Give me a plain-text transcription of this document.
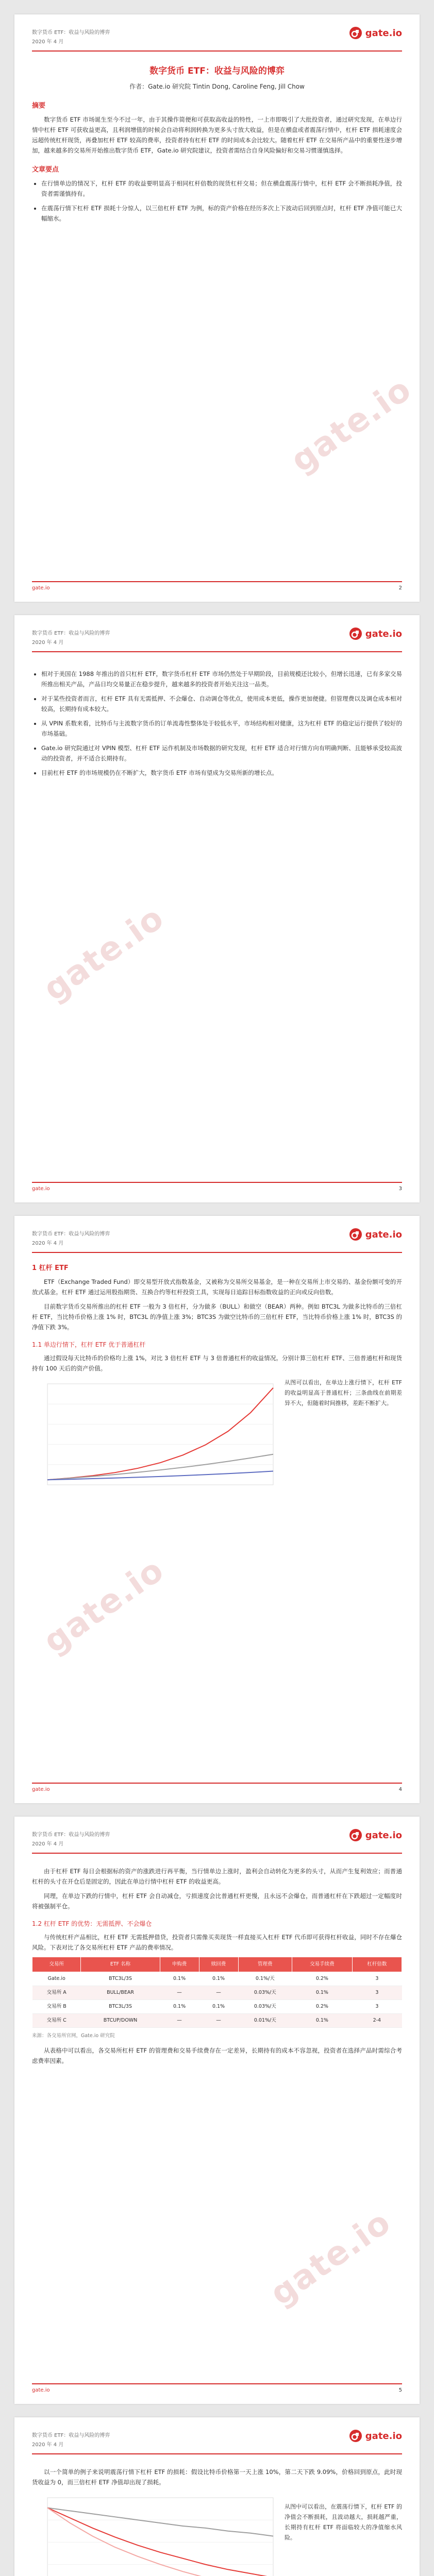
gate.io
数字货币 ETF：收益与风险的博弈
2020 年 4 月
gate.io
数字货币 ETF：收益与风险的博弈
作者：Gate.io 研究院 Tintin Dong, Caroline Feng, Jill Chow
摘要

数字货币 ETF 市场诞生至今不过一年，由于其操作简便和可获取高收益的特性，一上市即吸引了大批投资者，通过研究发现，在单边行情中杠杆 ETF 可获收益更高，且利润增值的时候会自动将利润转换为更多头寸放大收益，但是在横盘或者震荡行情中，杠杆 ETF 损耗速度会远超传统杠杆现货，再叠加杠杆 ETF 较高的费率，投资者持有杠杆 ETF 的时间成本会比较大。随着杠杆 ETF 在交易所产品中的重要性逐步增加，越来越多的交易所开始推出数字货币 ETF，Gate.io 研究院建议，投资者需结合自身风险偏好和交易习惯谨慎选择。

文章要点
• 在行情单边的情况下，杠杆 ETF 的收益要明显高于相同杠杆倍数的现货杠杆交易；但在横盘震荡行情中，杠杆 ETF 会不断损耗净值，投资者需谨慎持有。
• 在震荡行情下杠杆 ETF 损耗十分惊人，以三倍杠杆 ETF 为例，标的资产价格在经历多次上下波动后回到原点时，杠杆 ETF 净值可能已大幅缩水。
gate.io	2
gate.io
数字货币 ETF：收益与风险的博弈
2020 年 4 月
gate.io
• 相对于美国在 1988 年推出的首只杠杆 ETF，数字货币杠杆 ETF 市场仍然处于早期阶段，目前规模还比较小，但增长迅速，已有多家交易所推出相关产品，产品日均交易量正在稳步提升，越来越多的投资者开始关注这一品类。
• 对于某些投资者而言，杠杆 ETF 具有无需抵押、不会爆仓、自动调仓等优点，使用成本更低，操作更加便捷。但管理费以及调仓成本相对较高，长期持有成本较大。
• 从 VPIN 系数来看，比特币与主流数字货币的订单流毒性整体处于较低水平，市场结构相对健康，这为杠杆 ETF 的稳定运行提供了较好的市场基础。
• Gate.io 研究院通过对 VPIN 模型、杠杆 ETF 运作机制及市场数据的研究发现，杠杆 ETF 适合对行情方向有明确判断、且能够承受较高波动的投资者，并不适合长期持有。
• 目前杠杆 ETF 的市场规模仍在不断扩大，数字货币 ETF 市场有望成为交易所新的增长点。
gate.io	3
gate.io
数字货币 ETF：收益与风险的博弈
2020 年 4 月
gate.io
1 杠杆 ETF

ETF（Exchange Traded Fund）即交易型开放式指数基金，又被称为交易所交易基金，是一种在交易所上市交易的、基金份额可变的开放式基金。杠杆 ETF 通过运用股指期货、互换合约等杠杆投资工具，实现每日追踪目标指数收益的正向或反向倍数。

目前数字货币交易所推出的杠杆 ETF 一般为 3 倍杠杆，分为做多（BULL）和做空（BEAR）两种。例如 BTC3L 为做多比特币的三倍杠杆 ETF，当比特币价格上涨 1% 时，BTC3L 的净值上涨 3%；BTC3S 为做空比特币的三倍杠杆 ETF，当比特币价格上涨 1% 时，BTC3S 的净值下跌 3%。

1.1 单边行情下，杠杆 ETF 优于普通杠杆

通过假设每天比特币的价格均上涨 1%，对比 3 倍杠杆 ETF 与 3 倍普通杠杆的收益情况。分别计算三倍杠杆 ETF、三倍普通杠杆和现货持有 100 天后的资产价值。

从图可以看出，在单边上涨行情下，杠杆 ETF 的收益明显高于普通杠杆；三条曲线在前期差异不大，但随着时间推移，差距不断扩大。
gate.io	4
gate.io
数字货币 ETF：收益与风险的博弈
2020 年 4 月
gate.io

由于杠杆 ETF 每日会根据标的资产的涨跌进行再平衡，当行情单边上涨时，盈利会自动转化为更多的头寸，从而产生复利效应；而普通杠杆的头寸在开仓后是固定的，因此在单边行情中杠杆 ETF 的收益更高。

同理，在单边下跌的行情中，杠杆 ETF 会自动减仓，亏损速度会比普通杠杆更慢，且永远不会爆仓，而普通杠杆在下跌超过一定幅度时将被强制平仓。

1.2 杠杆 ETF 的优势：无需抵押、不会爆仓

与传统杠杆产品相比，杠杆 ETF 无需抵押借贷，投资者只需像买卖现货一样直接买入杠杆 ETF 代币即可获得杠杆收益，同时不存在爆仓风险。下表对比了各交易所杠杆 ETF 产品的费率情况。

交易所	ETF 名称	申购费	赎回费	管理费	交易手续费	杠杆倍数
Gate.io	BTC3L/3S	0.1%	0.1%	0.1%/天	0.2%	3
交易所 A	BULL/BEAR	—	—	0.03%/天	0.1%	3
交易所 B	BTC3L/3S	0.1%	0.1%	0.03%/天	0.2%	3
交易所 C	BTCUP/DOWN	—	—	0.01%/天	0.1%	2-4
来源：各交易所官网，Gate.io 研究院

从表格中可以看出，各交易所杠杆 ETF 的管理费和交易手续费存在一定差异，长期持有的成本不容忽视，投资者在选择产品时需综合考虑费率因素。

gate.io	5
数字货币 ETF：收益与风险的博弈
2020 年 4 月
gate.io

以一个简单的例子来说明震荡行情下杠杆 ETF 的损耗：假设比特币价格第一天上涨 10%，第二天下跌 9.09%，价格回到原点，此时现货收益为 0，而三倍杠杆 ETF 净值却出现了损耗。

从图中可以看出，在震荡行情下，杠杆 ETF 的净值会不断损耗，且波动越大，损耗越严重，长期持有杠杆 ETF 将面临较大的净值缩水风险。
